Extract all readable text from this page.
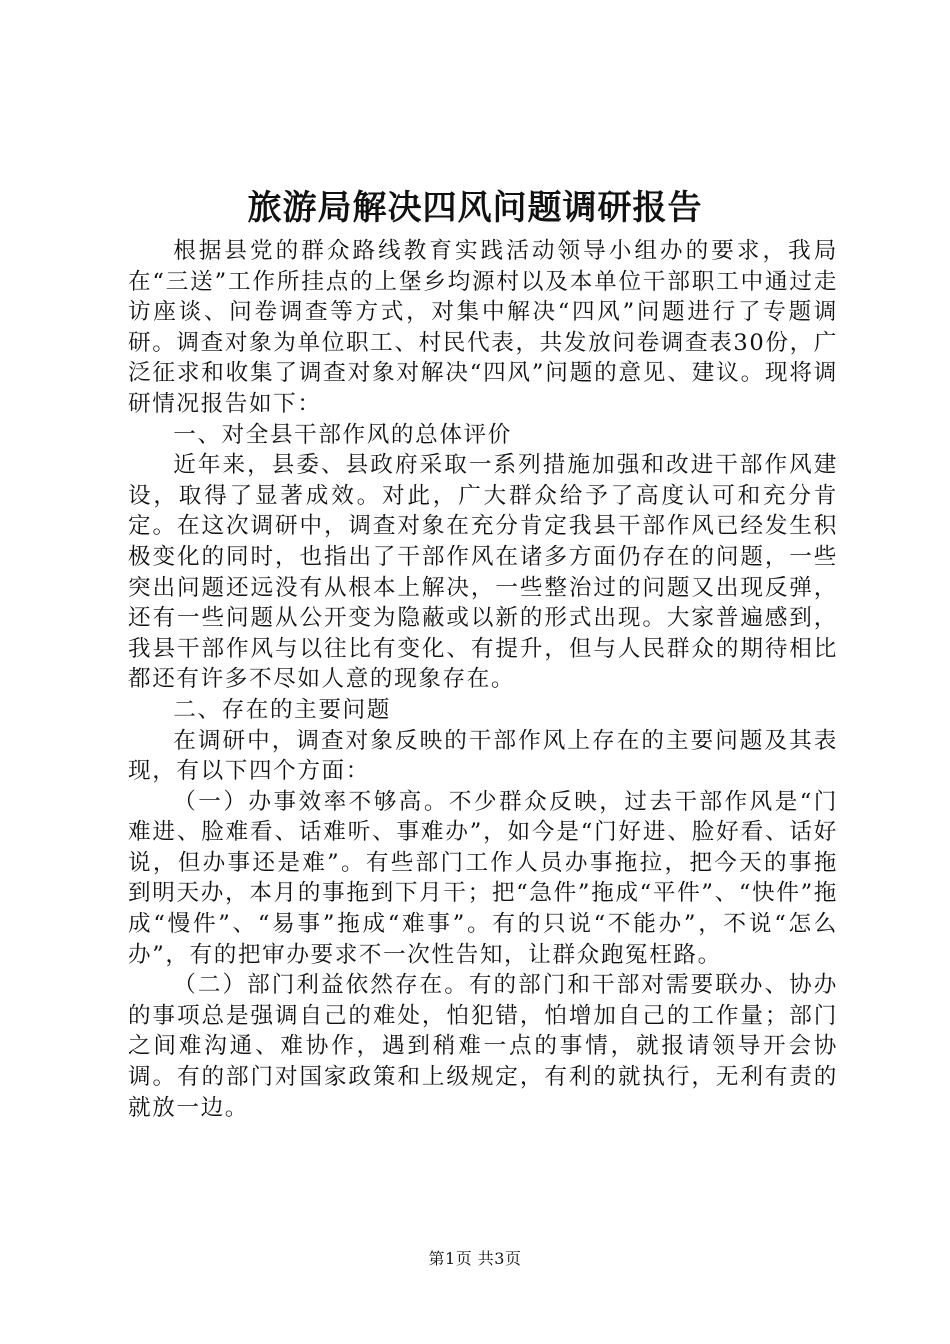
旅游局解决四风问题调研报告

根据县党的群众路线教育实践活动领导小组办的要求，我局在“三送”工作所挂点的上堡乡均源村以及本单位干部职工中通过走访座谈、问卷调查等方式，对集中解决“四风”问题进行了专题调研。调查对象为单位职工、村民代表，共发放问卷调查表30份，广泛征求和收集了调查对象对解决“四风”问题的意见、建议。现将调研情况报告如下：

一、对全县干部作风的总体评价

近年来，县委、县政府采取一系列措施加强和改进干部作风建设，取得了显著成效。对此，广大群众给予了高度认可和充分肯定。在这次调研中，调查对象在充分肯定我县干部作风已经发生积极变化的同时，也指出了干部作风在诸多方面仍存在的问题，一些突出问题还远没有从根本上解决，一些整治过的问题又出现反弹，还有一些问题从公开变为隐蔽或以新的形式出现。大家普遍感到，我县干部作风与以往比有变化、有提升，但与人民群众的期待相比都还有许多不尽如人意的现象存在。

二、存在的主要问题

在调研中，调查对象反映的干部作风上存在的主要问题及其表现，有以下四个方面：

（一）办事效率不够高。不少群众反映，过去干部作风是“门难进、脸难看、话难听、事难办”，如今是“门好进、脸好看、话好说，但办事还是难”。有些部门工作人员办事拖拉，把今天的事拖到明天办，本月的事拖到下月干；把“急件”拖成“平件”、“快件”拖成“慢件”、“易事”拖成“难事”。有的只说“不能办”，不说“怎么办”，有的把审办要求不一次性告知，让群众跑冤枉路。

（二）部门利益依然存在。有的部门和干部对需要联办、协办的事项总是强调自己的难处，怕犯错，怕增加自己的工作量；部门之间难沟通、难协作，遇到稍难一点的事情，就报请领导开会协调。有的部门对国家政策和上级规定，有利的就执行，无利有责的就放一边。

第1页 共3页
